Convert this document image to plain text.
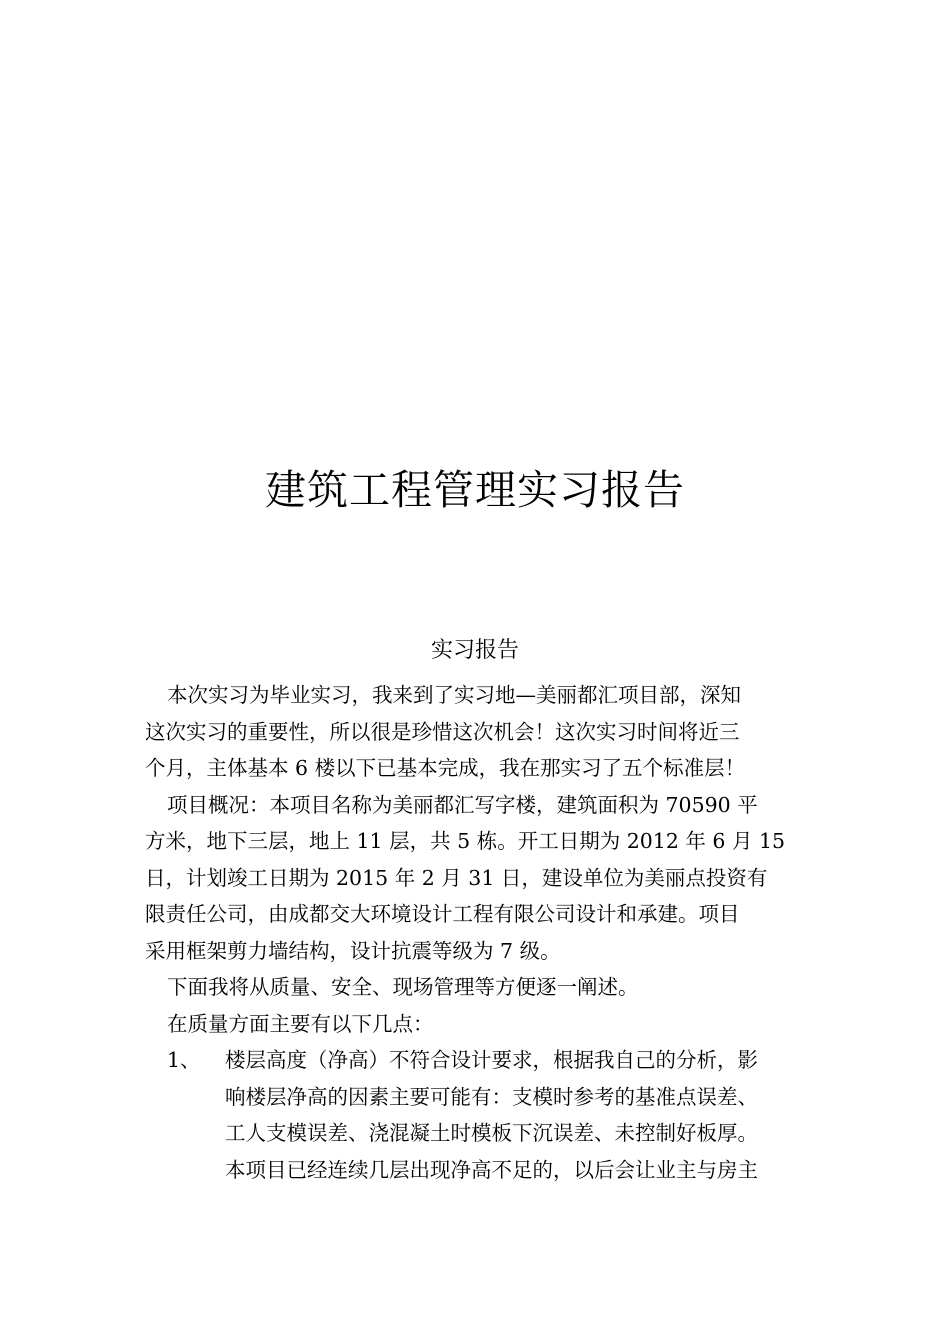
建筑工程管理实习报告
实习报告
本次实习为毕业实习，我来到了实习地—美丽都汇项目部，深知
这次实习的重要性，所以很是珍惜这次机会！这次实习时间将近三
个月，主体基本 6 楼以下已基本完成，我在那实习了五个标准层！
项目概况：本项目名称为美丽都汇写字楼，建筑面积为 70590 平
方米，地下三层，地上 11 层，共 5 栋。开工日期为 2012 年 6 月 15
日，计划竣工日期为 2015 年 2 月 31 日，建设单位为美丽点投资有
限责任公司，由成都交大环境设计工程有限公司设计和承建。项目
采用框架剪力墙结构，设计抗震等级为 7 级。
下面我将从质量、安全、现场管理等方便逐一阐述。
在质量方面主要有以下几点：
1、 楼层高度（净高）不符合设计要求，根据我自己的分析，影
响楼层净高的因素主要可能有：支模时参考的基准点误差、
工人支模误差、浇混凝土时模板下沉误差、未控制好板厚。
本项目已经连续几层出现净高不足的，以后会让业主与房主
